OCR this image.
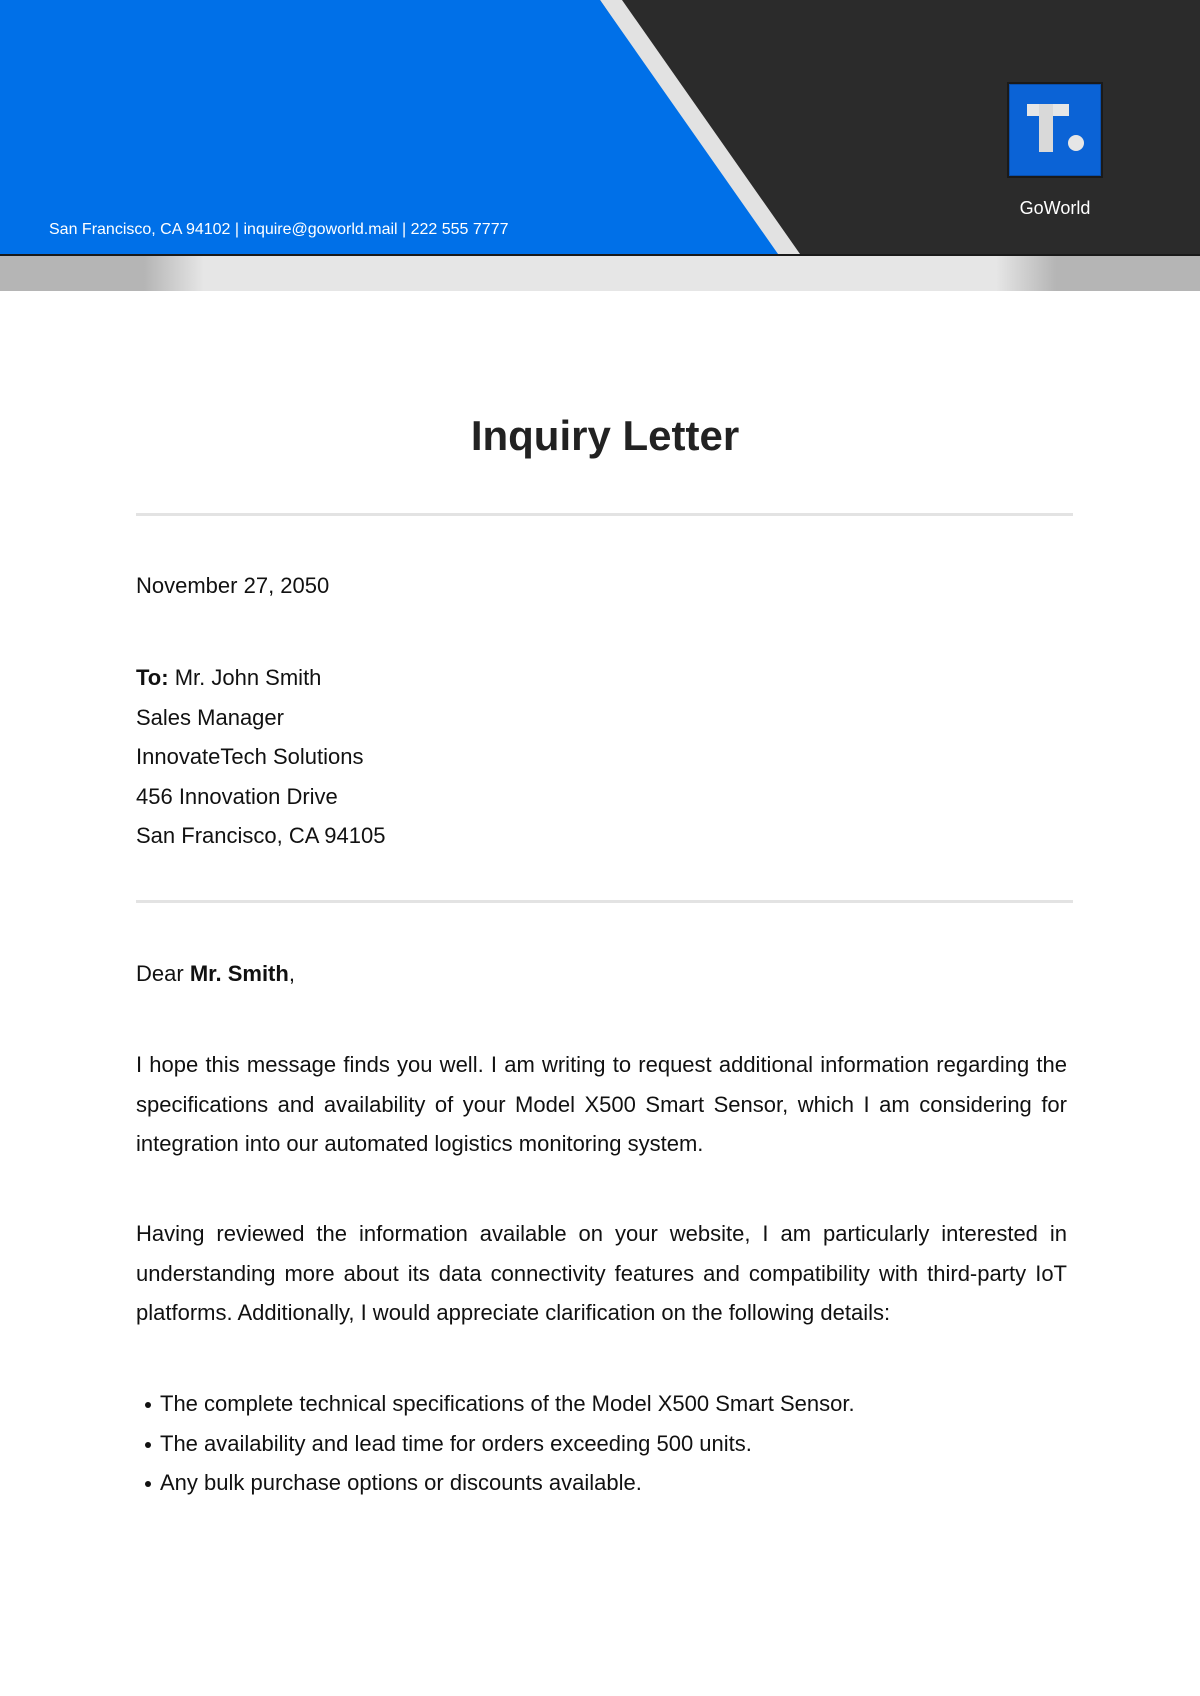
San Francisco, CA 94102 | inquire@goworld.mail | 222 555 7777
GoWorld
Inquiry Letter
November 27, 2050
To: Mr. John Smith
Sales Manager
InnovateTech Solutions
456 Innovation Drive
San Francisco, CA 94105
Dear Mr. Smith,
I hope this message finds you well. I am writing to request additional information regarding the specifications and availability of your Model X500 Smart Sensor, which I am considering for integration into our automated logistics monitoring system.
Having reviewed the information available on your website, I am particularly interested in understanding more about its data connectivity features and compatibility with third-party IoT platforms. Additionally, I would appreciate clarification on the following details:
The complete technical specifications of the Model X500 Smart Sensor.
The availability and lead time for orders exceeding 500 units.
Any bulk purchase options or discounts available.
